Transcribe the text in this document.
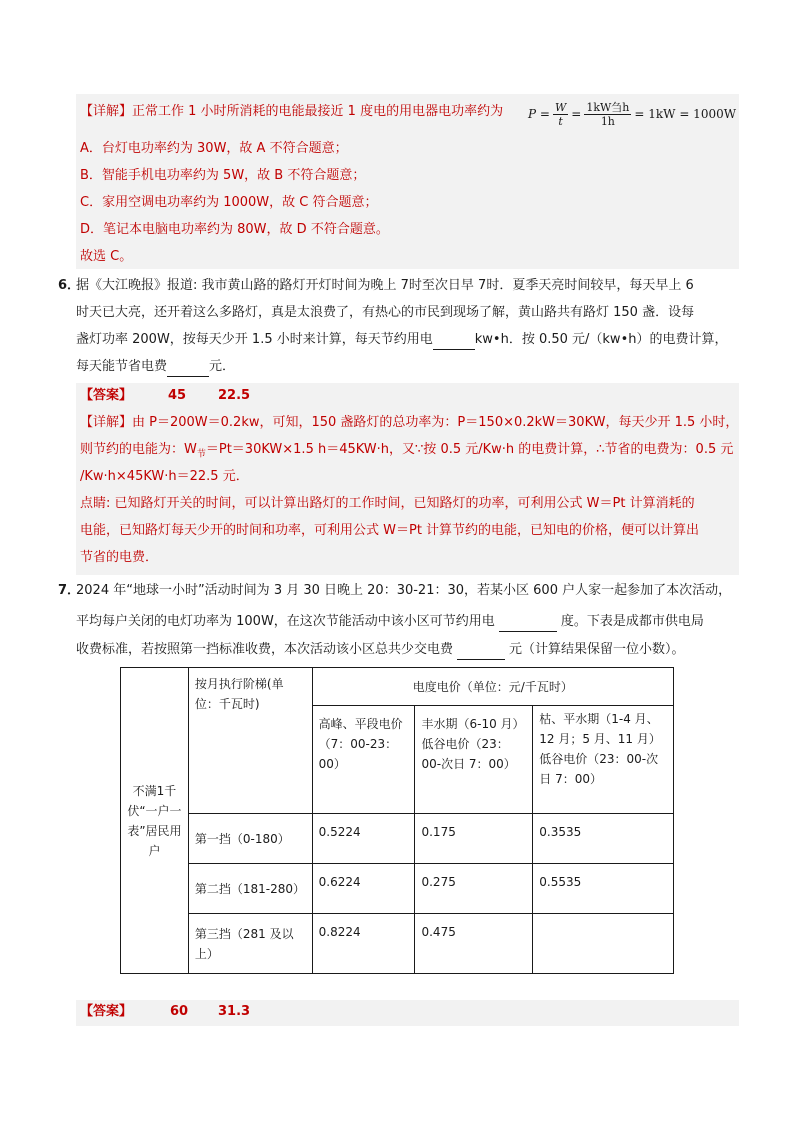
【详解】正常工作 1 小时所消耗的电能最接近 1 度电的用电器电功率约为 $P = \frac{W}{t} = \frac{\text{1kW刍h}}{1h} = 1kW = 1000W$
A．台灯电功率约为 30W，故 A 不符合题意；
B．智能手机电功率约为 5W，故 B 不符合题意；
C．家用空调电功率约为 1000W，故 C 符合题意；
D．笔记本电脑电功率约为 80W，故 D 不符合题意。
故选 C。
6．
据《大江晚报》报道: 我市黄山路的路灯开灯时间为晚上 7时至次日早 7时．夏季天亮时间较早，每天早上 6
时天已大亮，还开着这么多路灯，真是太浪费了，有热心的市民到现场了解，黄山路共有路灯 150 盏．设每
盏灯功率 200W，按每天少开 1.5 小时来计算，每天节约用电	kw•h．按 0.50 元/（kw•h）的电费计算，
每天能节省电费	元．
【答案】	45 22.5
【详解】由 P＝200W＝0.2kw，可知，150 盏路灯的总功率为：P＝150×0.2kW＝30KW，每天少开 1.5 小时，
则节约的电能为：$W_节=Pt=30KW\times 1.5$ h＝45KW·h，又∵按 0.5 元/Kw·h 的电费计算，∴节省的电费为：0.5 元
/Kw·h×45KW·h＝22.5 元．
点睛: 已知路灯开关的时间，可以计算出路灯的工作时间，已知路灯的功率，可利用公式 W＝Pt 计算消耗的
电能，已知路灯每天少开的时间和功率，可利用公式 W＝Pt 计算节约的电能，已知电的价格，便可以计算出
节省的电费．
7．
2024 年“地球一小时”活动时间为 3 月 30 日晚上 20：30-21：30，若某小区 600 户人家一起参加了本次活动，
平均每户关闭的电灯功率为 100W，在这次节能活动中该小区可节约用电	度。下表是成都市供电局
收费标准，若按照第一挡标准收费，本次活动该小区总共少交电费	元（计算结果保留一位小数）。
不满1千伏“一户一表”居民用户	按月执行阶梯(单位：千瓦时)	电度电价（单位：元/千瓦时）		
		高峰、平段电价（7：00-23：00）	丰水期（6-10 月）低谷电价（23：00-次日 7：00）	枯、平水期（1-4 月、12 月；5 月、11 月）低谷电价（23：00-次日 7：00）
	第一挡（0-180）	0.5224	0.175	0.3535
	第二挡（181-280）	0.6224	0.275	0.5535
	第三挡（281 及以上）	0.8224	0.475	
【答案】	60 31.3
